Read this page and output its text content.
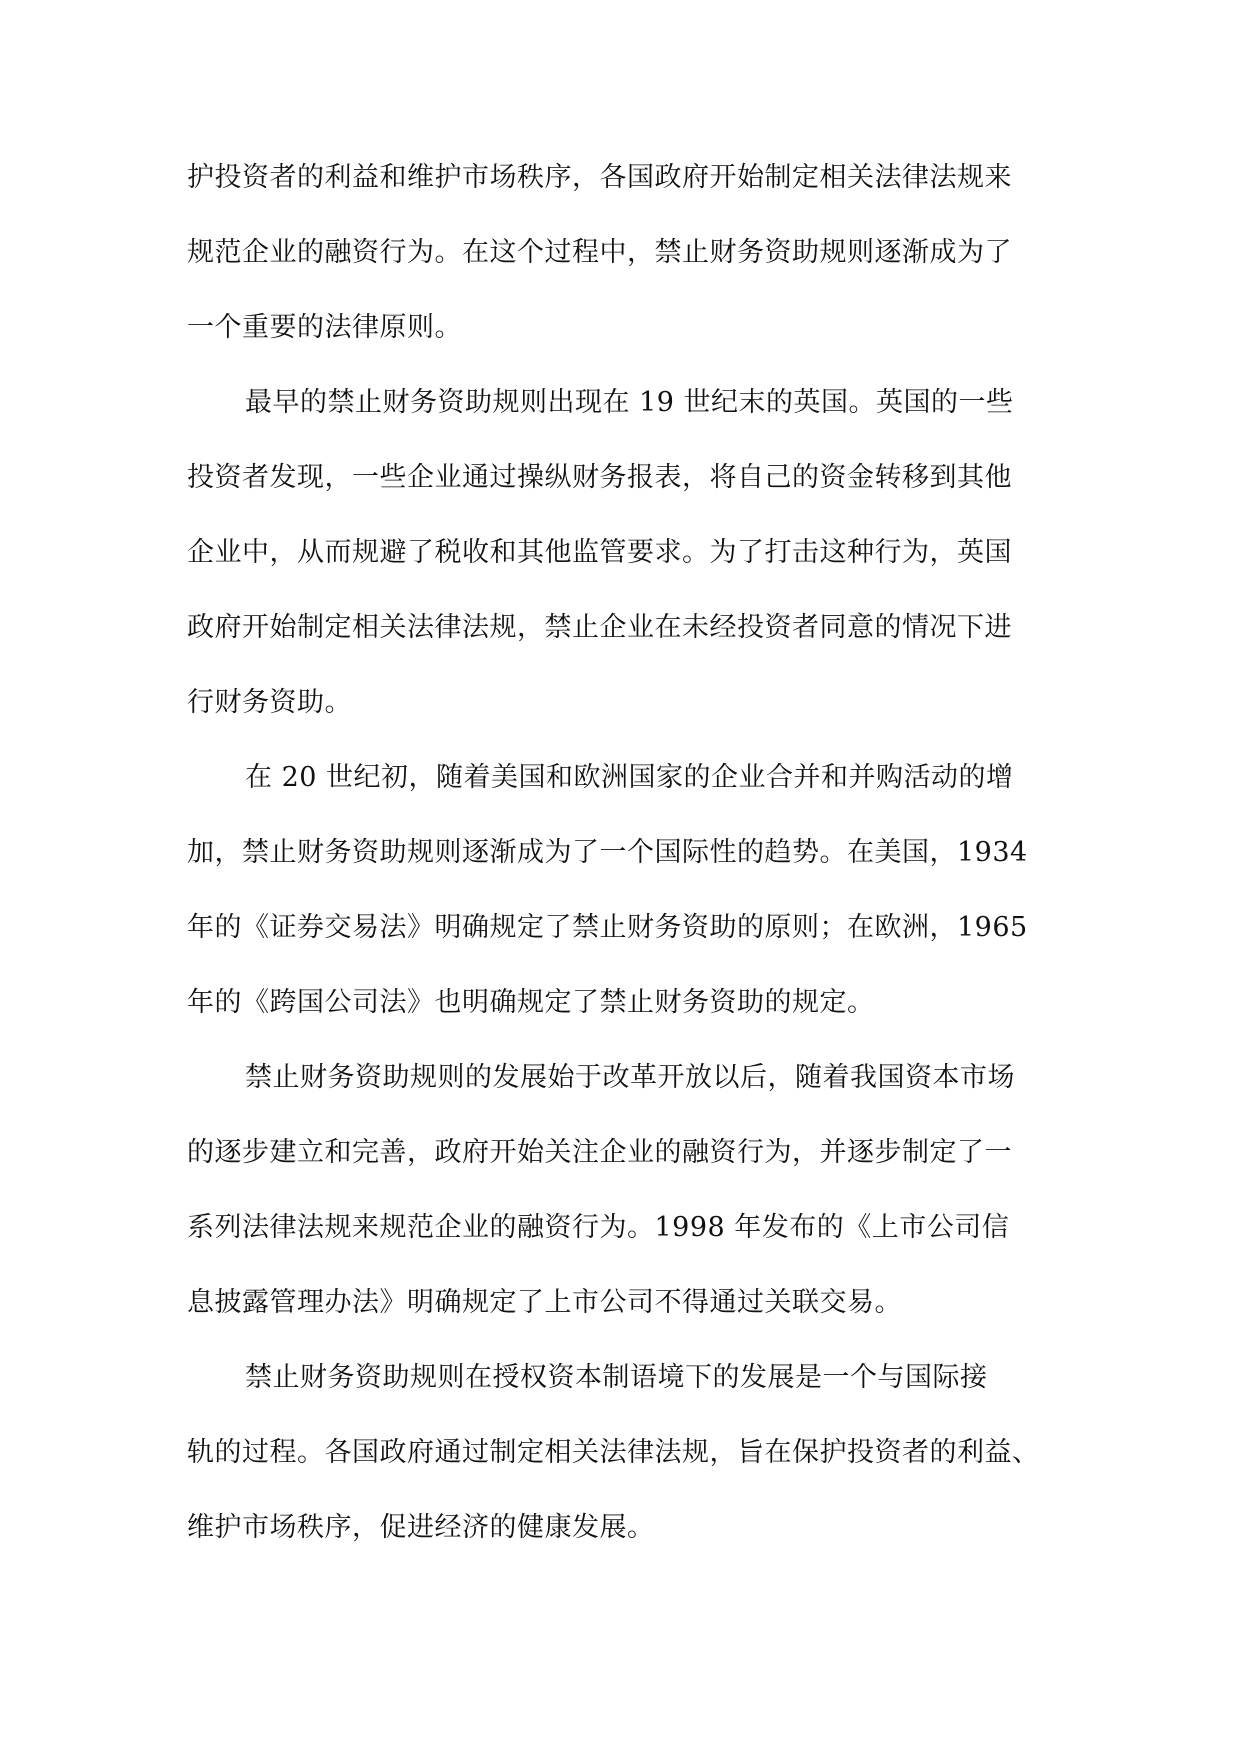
护投资者的利益和维护市场秩序，各国政府开始制定相关法律法规来
规范企业的融资行为。在这个过程中，禁止财务资助规则逐渐成为了
一个重要的法律原则。
最早的禁止财务资助规则出现在 19 世纪末的英国。英国的一些
投资者发现，一些企业通过操纵财务报表，将自己的资金转移到其他
企业中，从而规避了税收和其他监管要求。为了打击这种行为，英国
政府开始制定相关法律法规，禁止企业在未经投资者同意的情况下进
行财务资助。
在 20 世纪初，随着美国和欧洲国家的企业合并和并购活动的增
加，禁止财务资助规则逐渐成为了一个国际性的趋势。在美国，1934
年的《证券交易法》明确规定了禁止财务资助的原则；在欧洲，1965
年的《跨国公司法》也明确规定了禁止财务资助的规定。
禁止财务资助规则的发展始于改革开放以后，随着我国资本市场
的逐步建立和完善，政府开始关注企业的融资行为，并逐步制定了一
系列法律法规来规范企业的融资行为。1998 年发布的《上市公司信
息披露管理办法》明确规定了上市公司不得通过关联交易。
禁止财务资助规则在授权资本制语境下的发展是一个与国际接
轨的过程。各国政府通过制定相关法律法规，旨在保护投资者的利益、
维护市场秩序，促进经济的健康发展。
